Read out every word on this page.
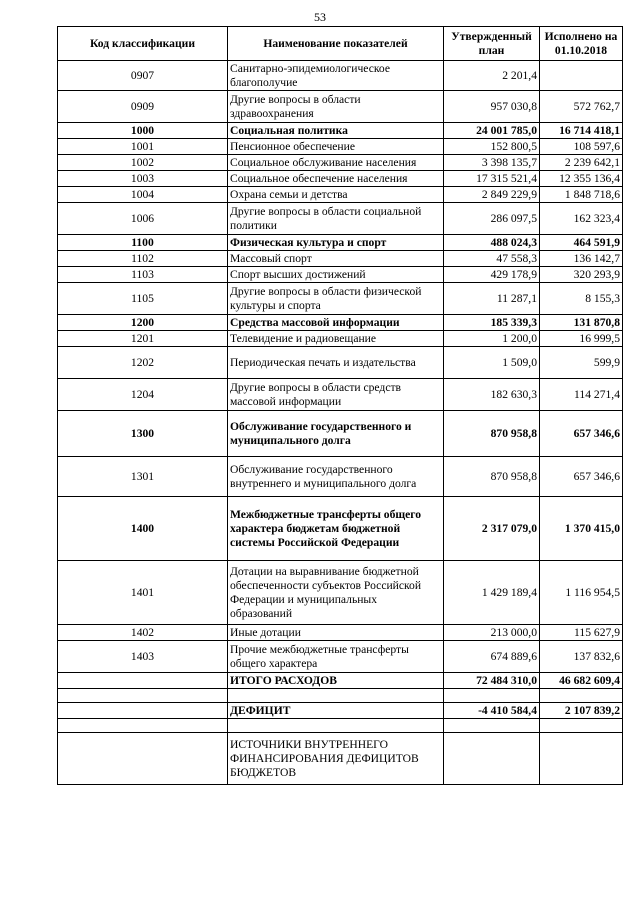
53
Код классификации	Наименование показателей	Утвержденный план	Исполнено на 01.10.2018
0907	Санитарно-эпидемиологическое благополучие	2 201,4	
0909	Другие вопросы в области здравоохранения	957 030,8	572 762,7
1000	Социальная политика	24 001 785,0	16 714 418,1
1001	Пенсионное обеспечение	152 800,5	108 597,6
1002	Социальное обслуживание населения	3 398 135,7	2 239 642,1
1003	Социальное обеспечение населения	17 315 521,4	12 355 136,4
1004	Охрана семьи и детства	2 849 229,9	1 848 718,6
1006	Другие вопросы в области социальной политики	286 097,5	162 323,4
1100	Физическая культура и спорт	488 024,3	464 591,9
1102	Массовый спорт	47 558,3	136 142,7
1103	Спорт высших достижений	429 178,9	320 293,9
1105	Другие вопросы в области физической культуры и спорта	11 287,1	8 155,3
1200	Средства массовой информации	185 339,3	131 870,8
1201	Телевидение и радиовещание	1 200,0	16 999,5
1202	Периодическая печать и издательства	1 509,0	599,9
1204	Другие вопросы в области средств массовой информации	182 630,3	114 271,4
1300	Обслуживание государственного и муниципального долга	870 958,8	657 346,6
1301	Обслуживание государственного внутреннего и муниципального долга	870 958,8	657 346,6
1400	Межбюджетные трансферты общего характера бюджетам бюджетной системы Российской Федерации	2 317 079,0	1 370 415,0
1401	Дотации на выравнивание бюджетной обеспеченности субъектов Российской Федерации и муниципальных образований	1 429 189,4	1 116 954,5
1402	Иные дотации	213 000,0	115 627,9
1403	Прочие межбюджетные трансферты общего характера	674 889,6	137 832,6
	ИТОГО РАСХОДОВ	72 484 310,0	46 682 609,4

	ДЕФИЦИТ	-4 410 584,4	2 107 839,2

	ИСТОЧНИКИ ВНУТРЕННЕГО ФИНАНСИРОВАНИЯ ДЕФИЦИТОВ БЮДЖЕТОВ		
